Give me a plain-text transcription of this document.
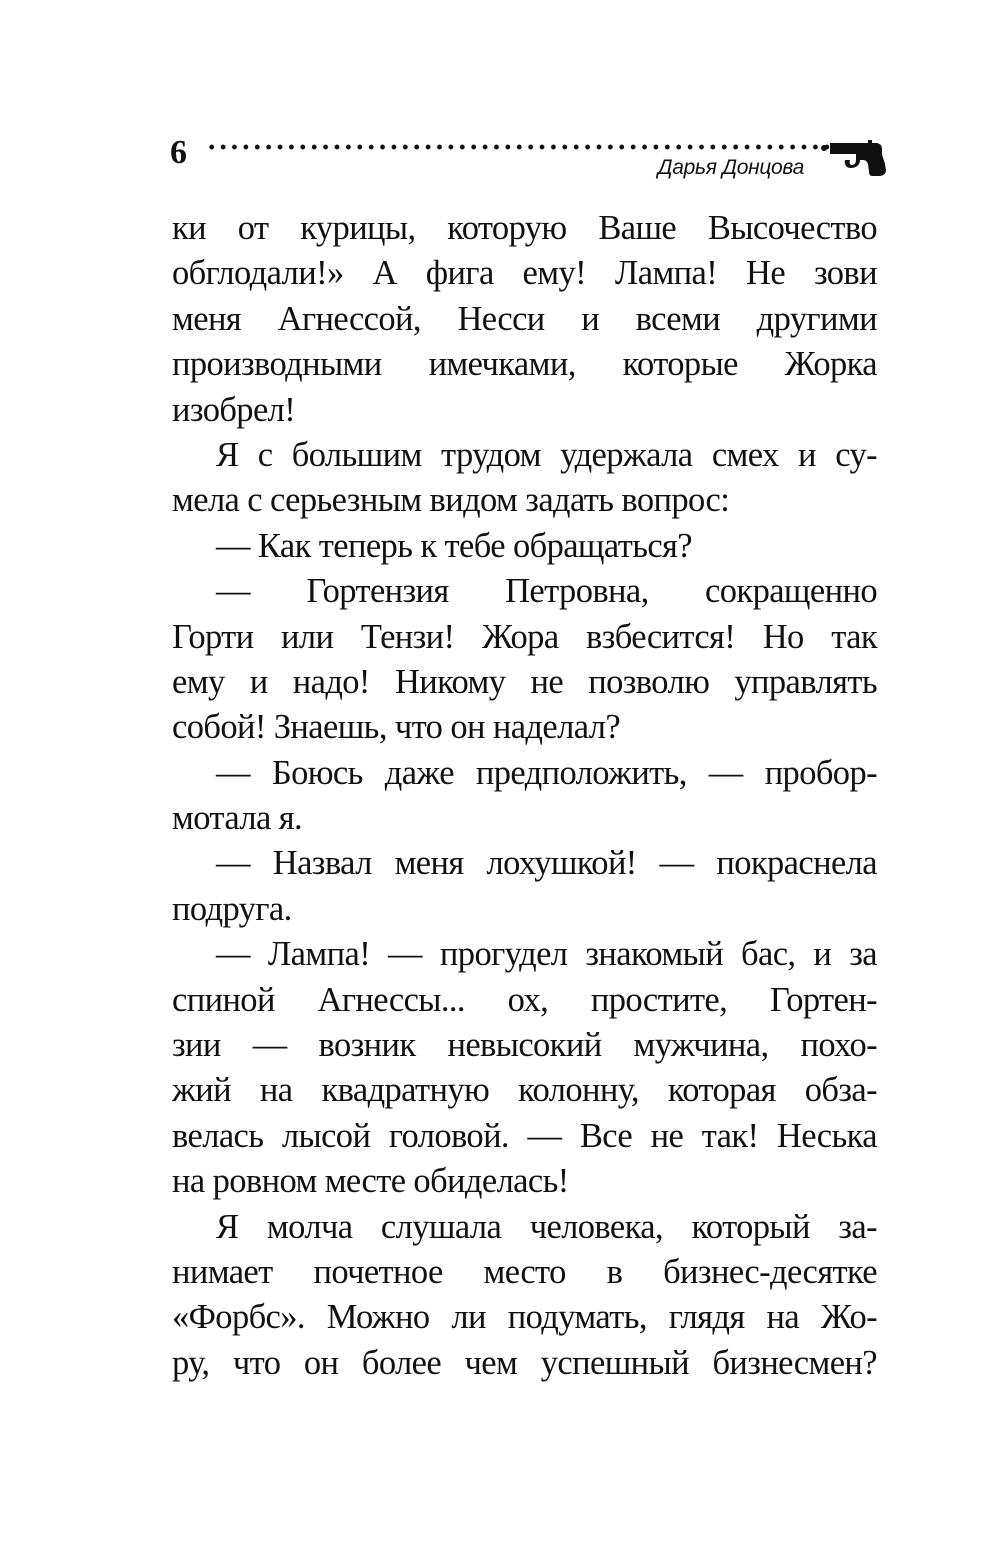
6	Дарья Донцова
ки от курицы, которую Ваше Высочество
обглодали!» А фига ему! Лампа! Не зови
меня Агнессой, Несси и всеми другими
производными имечками, которые Жорка
изобрел!
Я с большим трудом удержала смех и су-
мела с серьезным видом задать вопрос:
— Как теперь к тебе обращаться?
— Гортензия Петровна, сокращенно
Горти или Тензи! Жора взбесится! Но так
ему и надо! Никому не позволю управлять
собой! Знаешь, что он наделал?
— Боюсь даже предположить, — пробор-
мотала я.
— Назвал меня лохушкой! — покраснела
подруга.
— Лампа! — прогудел знакомый бас, и за
спиной Агнессы... ох, простите, Гортен-
зии — возник невысокий мужчина, похо-
жий на квадратную колонну, которая обза-
велась лысой головой. — Все не так! Неська
на ровном месте обиделась!
Я молча слушала человека, который за-
нимает почетное место в бизнес-десятке
«Форбс». Можно ли подумать, глядя на Жо-
ру, что он более чем успешный бизнесмен?
